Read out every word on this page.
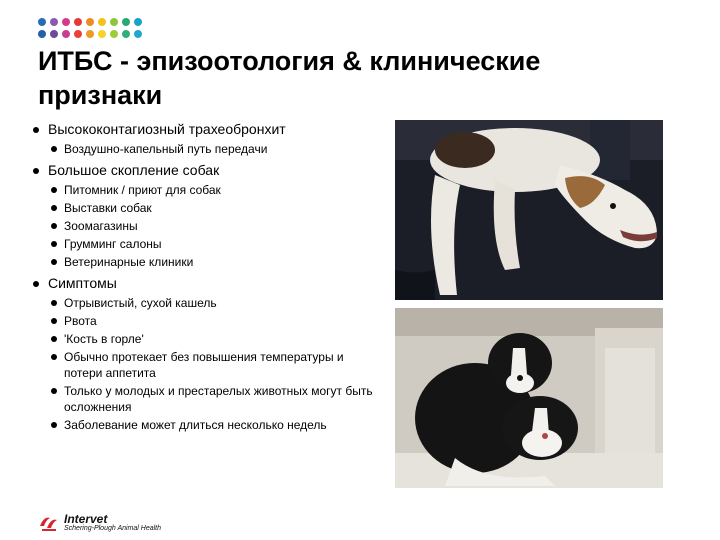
ИТБС - эпизоотология & клинические признаки
Высококонтагиозный трахеобронхит
Воздушно-капельный путь передачи
Большое скопление собак
Питомник / приют для собак
Выставки собак
Зоомагазины
Грумминг салоны
Ветеринарные клиники
Симптомы
Отрывистый, сухой кашель
Рвота
'Кость в горле'
Обычно протекает без повышения температуры и потери аппетита
Только у молодых и престарелых животных могут быть осложнения
Заболевание может длиться несколько недель
Intervet
Schering-Plough Animal Health
